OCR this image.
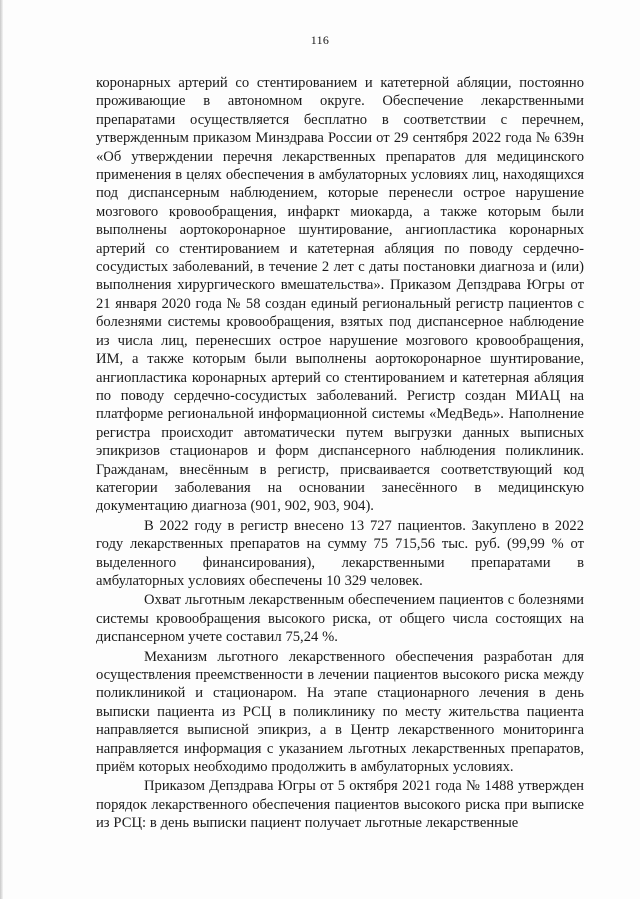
116

коронарных артерий со стентированием и катетерной абляции, постоянно проживающие в автономном округе. Обеспечение лекарственными препаратами осуществляется бесплатно в соответствии с перечнем, утвержденным приказом Минздрава России от 29 сентября 2022 года № 639н «Об утверждении перечня лекарственных препаратов для медицинского применения в целях обеспечения в амбулаторных условиях лиц, находящихся под диспансерным наблюдением, которые перенесли острое нарушение мозгового кровообращения, инфаркт миокарда, а также которым были выполнены аортокоронарное шунтирование, ангиопластика коронарных артерий со стентированием и катетерная абляция по поводу сердечно-сосудистых заболеваний, в течение 2 лет с даты постановки диагноза и (или) выполнения хирургического вмешательства». Приказом Депздрава Югры от 21 января 2020 года № 58 создан единый региональный регистр пациентов с болезнями системы кровообращения, взятых под диспансерное наблюдение из числа лиц, перенесших острое нарушение мозгового кровообращения, ИМ, а также которым были выполнены аортокоронарное шунтирование, ангиопластика коронарных артерий со стентированием и катетерная абляция по поводу сердечно-сосудистых заболеваний. Регистр создан МИАЦ на платформе региональной информационной системы «МедВедь». Наполнение регистра происходит автоматически путем выгрузки данных выписных эпикризов стационаров и форм диспансерного наблюдения поликлиник. Гражданам, внесённым в регистр, присваивается соответствующий код категории заболевания на основании занесённого в медицинскую документацию диагноза (901, 902, 903, 904).

В 2022 году в регистр внесено 13 727 пациентов. Закуплено в 2022 году лекарственных препаратов на сумму 75 715,56 тыс. руб. (99,99 % от выделенного финансирования), лекарственными препаратами в амбулаторных условиях обеспечены 10 329 человек.

Охват льготным лекарственным обеспечением пациентов с болезнями системы кровообращения высокого риска, от общего числа состоящих на диспансерном учете составил 75,24 %.

Механизм льготного лекарственного обеспечения разработан для осуществления преемственности в лечении пациентов высокого риска между поликлиникой и стационаром. На этапе стационарного лечения в день выписки пациента из РСЦ в поликлинику по месту жительства пациента направляется выписной эпикриз, а в Центр лекарственного мониторинга направляется информация с указанием льготных лекарственных препаратов, приём которых необходимо продолжить в амбулаторных условиях.

Приказом Депздрава Югры от 5 октября 2021 года № 1488 утвержден порядок лекарственного обеспечения пациентов высокого риска при выписке из РСЦ: в день выписки пациент получает льготные лекарственные
